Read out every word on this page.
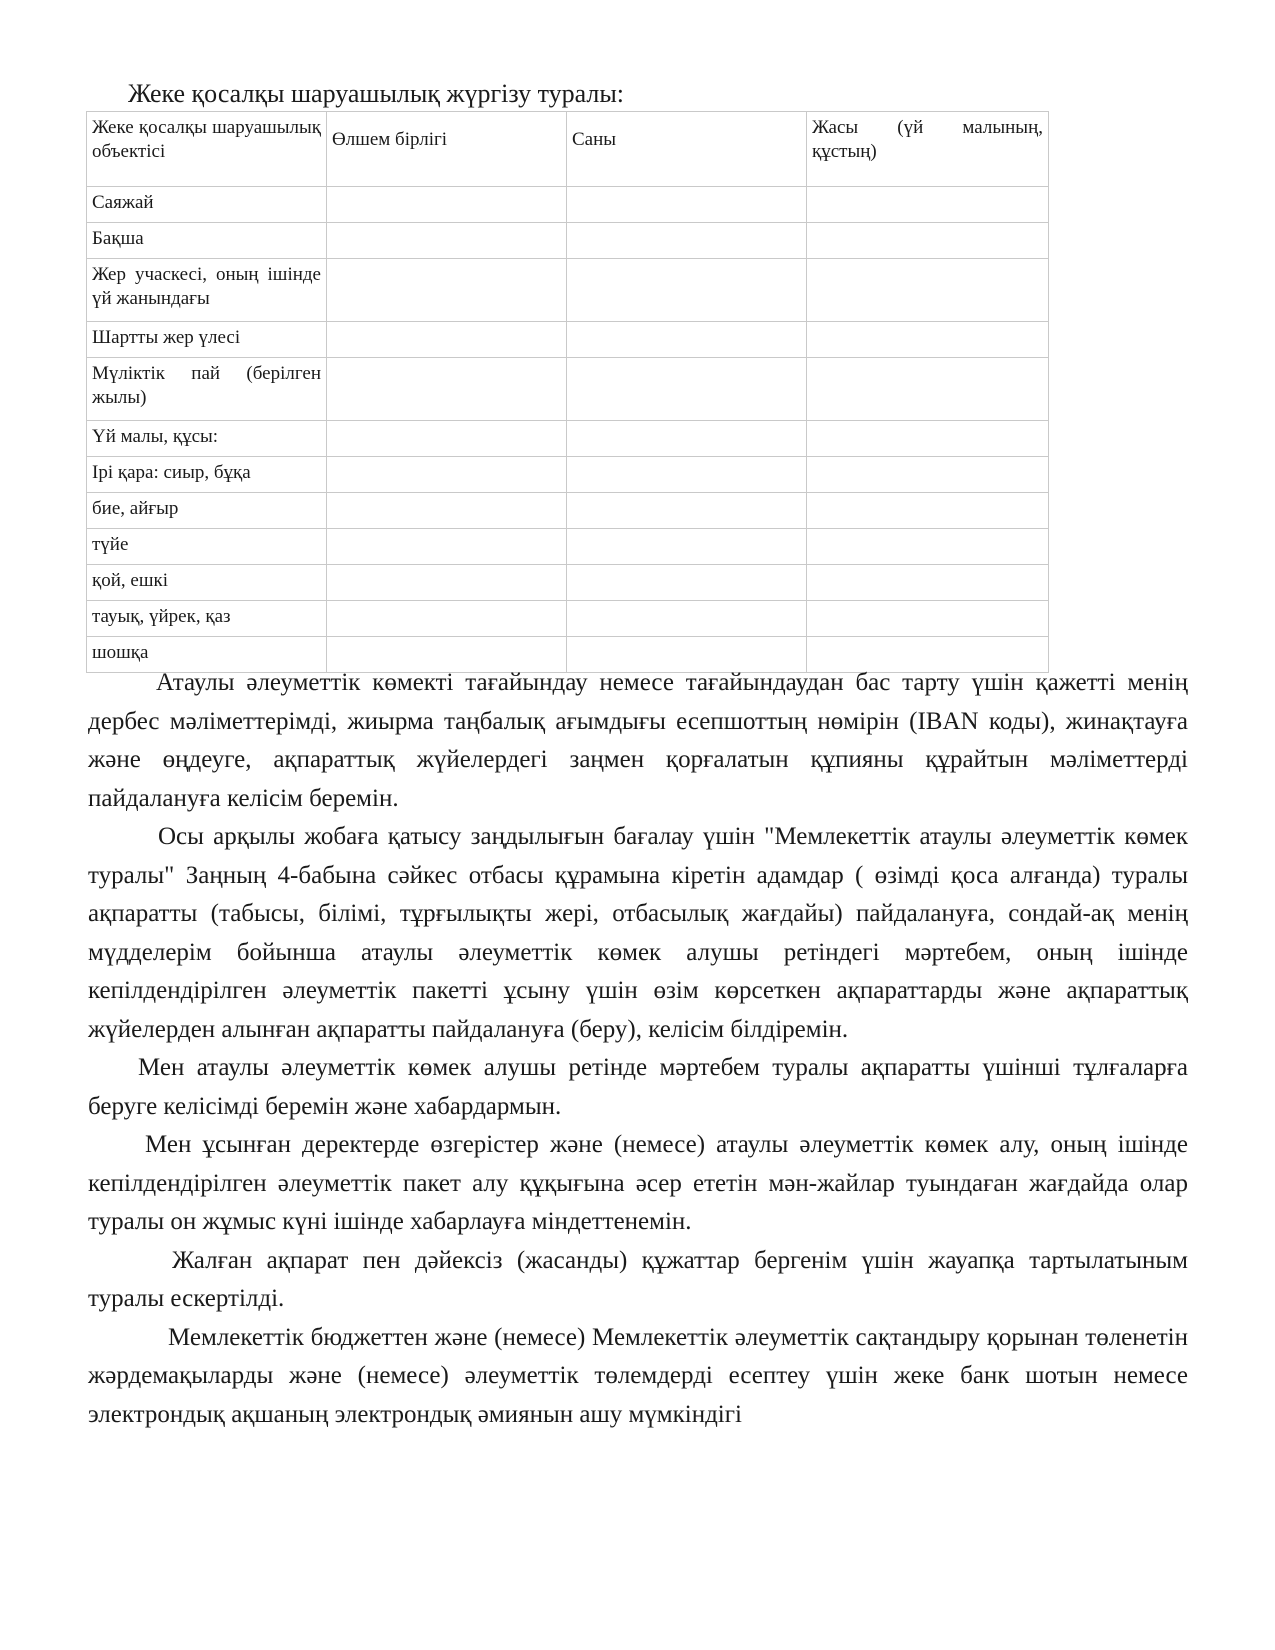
Жеке қосалқы шаруашылық жүргізу туралы:
Жеке қосалқы шаруашылық объектісі	Өлшем бірлігі	Саны	Жасы (үй малының, құстың)
Саяжай			
Бақша			
Жер учаскесі, оның ішінде үй жанындағы			
Шартты жер үлесі			
Мүліктік пай (берілген жылы)			
Үй малы, құсы:			
Ірі қара: сиыр, бұқа			
бие, айғыр			
түйе			
қой, ешкі			
тауық, үйрек, қаз			
шошқа			

Атаулы әлеуметтік көмекті тағайындау немесе тағайындаудан бас тарту үшін қажетті менің дербес мәліметтерімді, жиырма таңбалық ағымдығы есепшоттың нөмірін (IBAN коды), жинақтауға және өңдеуге, ақпараттық жүйелердегі заңмен қорғалатын құпияны құрайтын мәліметтерді пайдалануға келісім беремін.

Осы арқылы жобаға қатысу заңдылығын бағалау үшін "Мемлекеттік атаулы әлеуметтік көмек туралы" Заңның 4-бабына сәйкес отбасы құрамына кіретін адамдар ( өзімді қоса алғанда) туралы ақпаратты (табысы, білімі, тұрғылықты жері, отбасылық жағдайы) пайдалануға, сондай-ақ менің мүдделерім бойынша атаулы әлеуметтік көмек алушы ретіндегі мәртебем, оның ішінде кепілдендірілген әлеуметтік пакетті ұсыну үшін өзім көрсеткен ақпараттарды және ақпараттық жүйелерден алынған ақпаратты пайдалануға (беру), келісім білдіремін.

Мен атаулы әлеуметтік көмек алушы ретінде мәртебем туралы ақпаратты үшінші тұлғаларға беруге келісімді беремін және хабардармын.

Мен ұсынған деректерде өзгерістер және (немесе) атаулы әлеуметтік көмек алу, оның ішінде кепілдендірілген әлеуметтік пакет алу құқығына әсер ететін мән-жайлар туындаған жағдайда олар туралы он жұмыс күні ішінде хабарлауға міндеттенемін.

Жалған ақпарат пен дәйексіз (жасанды) құжаттар бергенім үшін жауапқа тартылатыным туралы ескертілді.

Мемлекеттік бюджеттен және (немесе) Мемлекеттік әлеуметтік сақтандыру қорынан төленетін жәрдемақыларды және (немесе) әлеуметтік төлемдерді есептеу үшін жеке банк шотын немесе электрондық ақшаның электрондық әмиянын ашу мүмкіндігі
